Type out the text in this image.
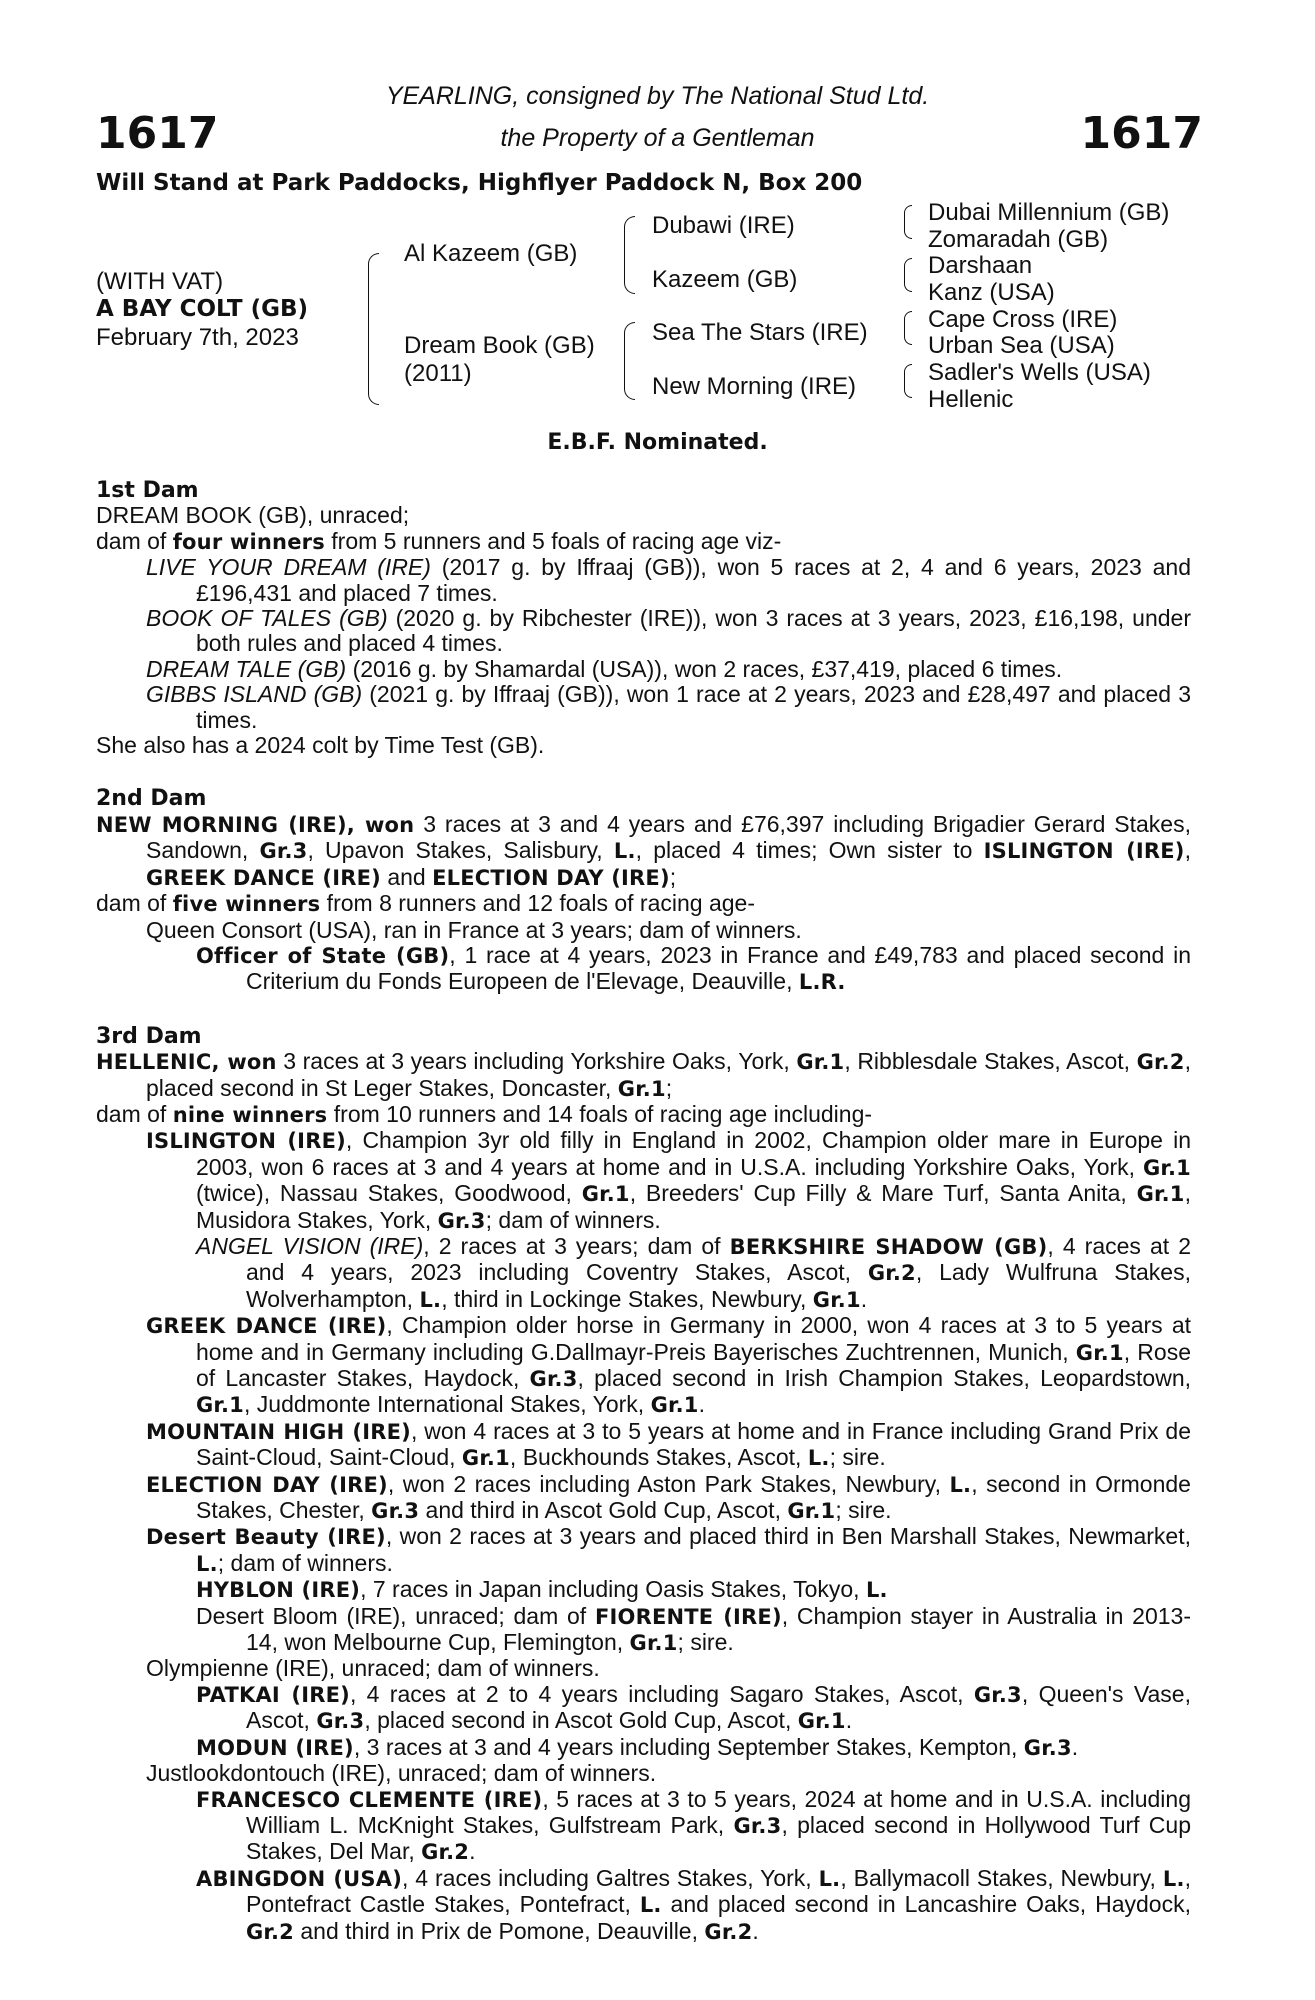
1617	1617
YEARLING, consigned by The National Stud Ltd.
the Property of a Gentleman
Will Stand at Park Paddocks, Highflyer Paddock N, Box 200
(WITH VAT)
A BAY COLT (GB)
February 7th, 2023
Al Kazeem (GB)
Dream Book (GB)
(2011)
Dubawi (IRE)
Kazeem (GB)
Sea The Stars (IRE)
New Morning (IRE)
Dubai Millennium (GB)
Zomaradah (GB)
Darshaan
Kanz (USA)
Cape Cross (IRE)
Urban Sea (USA)
Sadler's Wells (USA)
Hellenic
E.B.F. Nominated.

1st Dam

DREAM BOOK (GB), unraced;

dam of four winners from 5 runners and 5 foals of racing age viz-

LIVE YOUR DREAM (IRE) (2017 g. by Iffraaj (GB)), won 5 races at 2, 4 and 6 years, 2023 and £196,431 and placed 7 times.

BOOK OF TALES (GB) (2020 g. by Ribchester (IRE)), won 3 races at 3 years, 2023, £16,198, under both rules and placed 4 times.

DREAM TALE (GB) (2016 g. by Shamardal (USA)), won 2 races, £37,419, placed 6 times.

GIBBS ISLAND (GB) (2021 g. by Iffraaj (GB)), won 1 race at 2 years, 2023 and £28,497 and placed 3 times.

She also has a 2024 colt by Time Test (GB).

2nd Dam

NEW MORNING (IRE), won 3 races at 3 and 4 years and £76,397 including Brigadier Gerard Stakes, Sandown, Gr.3, Upavon Stakes, Salisbury, L., placed 4 times; Own sister to ISLINGTON (IRE), GREEK DANCE (IRE) and ELECTION DAY (IRE);

dam of five winners from 8 runners and 12 foals of racing age-

Queen Consort (USA), ran in France at 3 years; dam of winners.

Officer of State (GB), 1 race at 4 years, 2023 in France and £49,783 and placed second in Criterium du Fonds Europeen de l'Elevage, Deauville, L.R.

3rd Dam

HELLENIC, won 3 races at 3 years including Yorkshire Oaks, York, Gr.1, Ribblesdale Stakes, Ascot, Gr.2, placed second in St Leger Stakes, Doncaster, Gr.1;

dam of nine winners from 10 runners and 14 foals of racing age including-

ISLINGTON (IRE), Champion 3yr old filly in England in 2002, Champion older mare in Europe in 2003, won 6 races at 3 and 4 years at home and in U.S.A. including Yorkshire Oaks, York, Gr.1 (twice), Nassau Stakes, Goodwood, Gr.1, Breeders' Cup Filly & Mare Turf, Santa Anita, Gr.1, Musidora Stakes, York, Gr.3; dam of winners.

ANGEL VISION (IRE), 2 races at 3 years; dam of BERKSHIRE SHADOW (GB), 4 races at 2 and 4 years, 2023 including Coventry Stakes, Ascot, Gr.2, Lady Wulfruna Stakes, Wolverhampton, L., third in Lockinge Stakes, Newbury, Gr.1.

GREEK DANCE (IRE), Champion older horse in Germany in 2000, won 4 races at 3 to 5 years at home and in Germany including G.Dallmayr-Preis Bayerisches Zuchtrennen, Munich, Gr.1, Rose of Lancaster Stakes, Haydock, Gr.3, placed second in Irish Champion Stakes, Leopardstown, Gr.1, Juddmonte International Stakes, York, Gr.1.

MOUNTAIN HIGH (IRE), won 4 races at 3 to 5 years at home and in France including Grand Prix de Saint-Cloud, Saint-Cloud, Gr.1, Buckhounds Stakes, Ascot, L.; sire.

ELECTION DAY (IRE), won 2 races including Aston Park Stakes, Newbury, L., second in Ormonde Stakes, Chester, Gr.3 and third in Ascot Gold Cup, Ascot, Gr.1; sire.

Desert Beauty (IRE), won 2 races at 3 years and placed third in Ben Marshall Stakes, Newmarket, L.; dam of winners.

HYBLON (IRE), 7 races in Japan including Oasis Stakes, Tokyo, L.

Desert Bloom (IRE), unraced; dam of FIORENTE (IRE), Champion stayer in Australia in 2013-14, won Melbourne Cup, Flemington, Gr.1; sire.

Olympienne (IRE), unraced; dam of winners.

PATKAI (IRE), 4 races at 2 to 4 years including Sagaro Stakes, Ascot, Gr.3, Queen's Vase, Ascot, Gr.3, placed second in Ascot Gold Cup, Ascot, Gr.1.

MODUN (IRE), 3 races at 3 and 4 years including September Stakes, Kempton, Gr.3.

Justlookdontouch (IRE), unraced; dam of winners.

FRANCESCO CLEMENTE (IRE), 5 races at 3 to 5 years, 2024 at home and in U.S.A. including William L. McKnight Stakes, Gulfstream Park, Gr.3, placed second in Hollywood Turf Cup Stakes, Del Mar, Gr.2.

ABINGDON (USA), 4 races including Galtres Stakes, York, L., Ballymacoll Stakes, Newbury, L., Pontefract Castle Stakes, Pontefract, L. and placed second in Lancashire Oaks, Haydock, Gr.2 and third in Prix de Pomone, Deauville, Gr.2.
